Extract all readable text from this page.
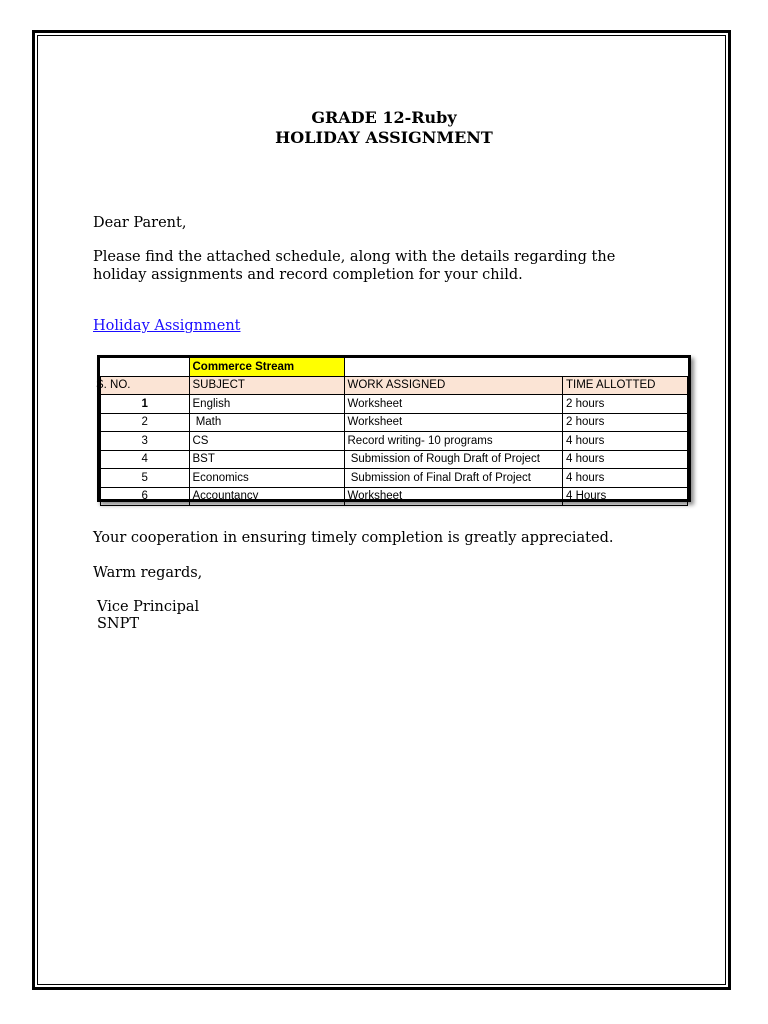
GRADE 12-Ruby
HOLIDAY ASSIGNMENT

Dear Parent,

Please find the attached schedule, along with the details regarding the

holiday assignments and record completion for your child.

Holiday Assignment

	Commerce Stream		
S. NO.	SUBJECT	WORK ASSIGNED	TIME ALLOTTED
1	English	Worksheet	2 hours
2	Math	Worksheet	2 hours
3	CS	Record writing- 10 programs	4 hours
4	BST	Submission of Rough Draft of Project	4 hours
5	Economics	Submission of Final Draft of Project	4 hours
6	Accountancy	Worksheet	4 Hours

Your cooperation in ensuring timely completion is greatly appreciated.

Warm regards,

Vice Principal

SNPT
